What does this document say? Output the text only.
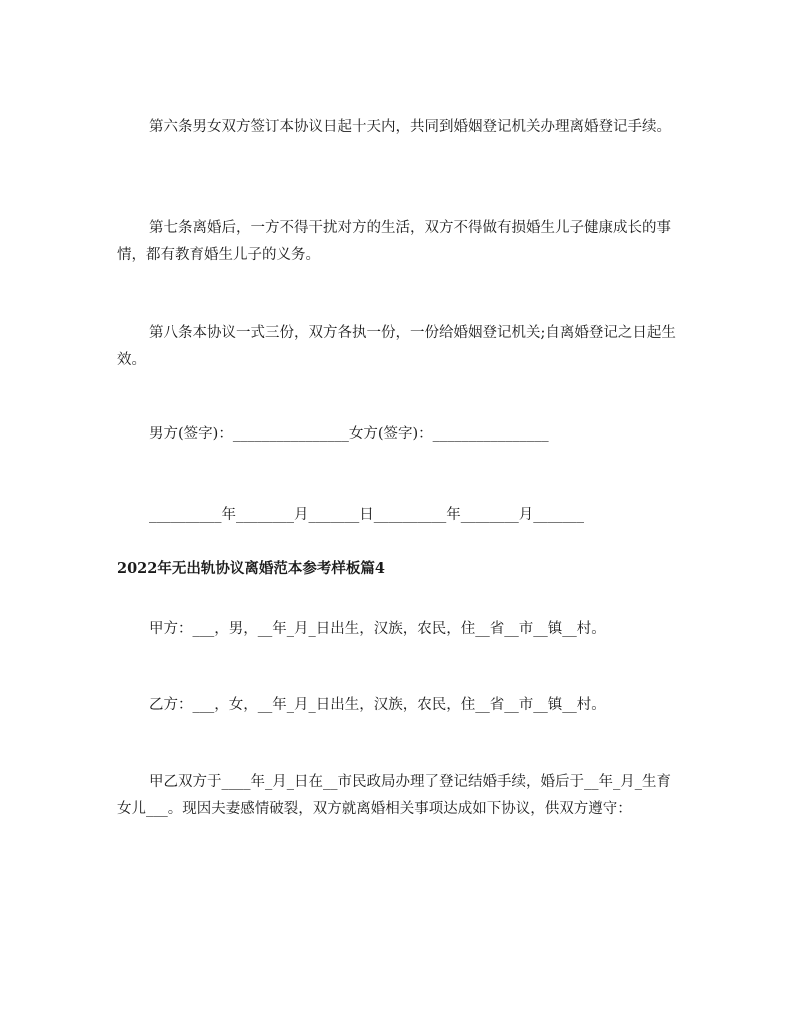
第六条男女双方签订本协议日起十天内，共同到婚姻登记机关办理离婚登记手续。
第七条离婚后，一方不得干扰对方的生活，双方不得做有损婚生儿子健康成长的事情，都有教育婚生儿子的义务。
第八条本协议一式三份，双方各执一份，一份给婚姻登记机关;自离婚登记之日起生效。
男方(签字)：________________女方(签字)：________________
__________年________月_______日__________年________月_______
2022年无出轨协议离婚范本参考样板篇4
甲方：___，男，__年_月_日出生，汉族，农民，住__省__市__镇__村。
乙方：___，女，__年_月_日出生，汉族，农民，住__省__市__镇__村。
甲乙双方于____年_月_日在__市民政局办理了登记结婚手续，婚后于__年_月_生育女儿___。现因夫妻感情破裂，双方就离婚相关事项达成如下协议，供双方遵守：
